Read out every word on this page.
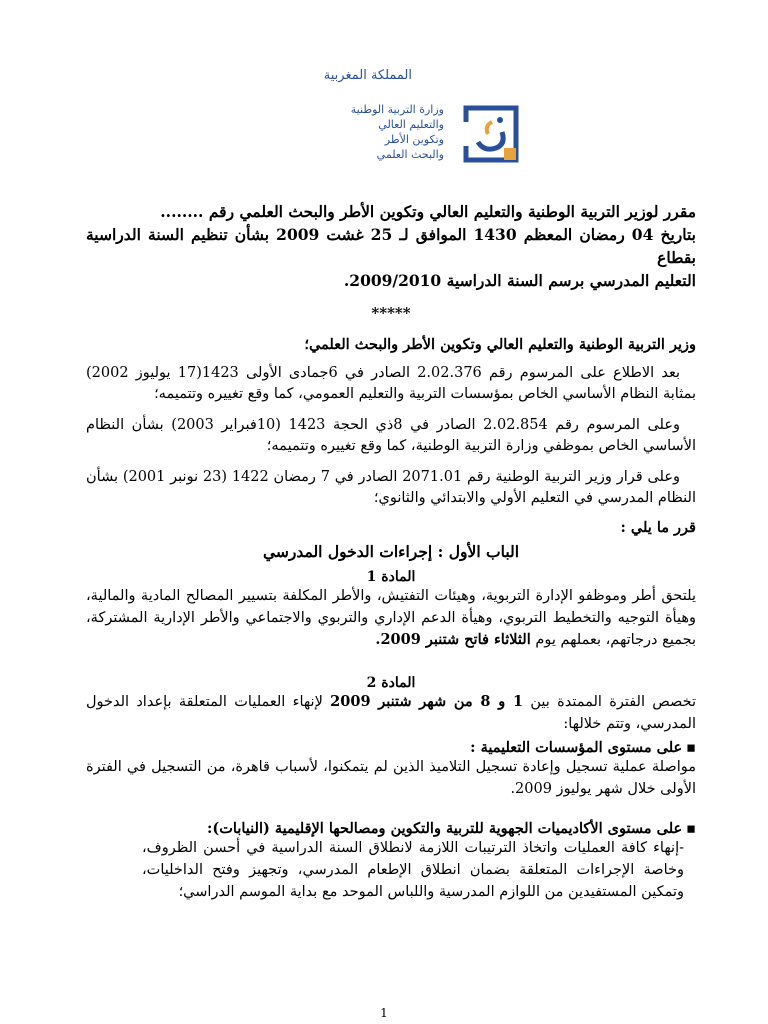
المملكة المغربية
وزارة التربية الوطنية
والتعليم العالي
وتكوين الأطر
والبحث العلمي
مقرر لوزير التربية الوطنية والتعليم العالي وتكوين الأطر والبحث العلمي رقم ........
بتاريخ 04 رمضان المعظم 1430 الموافق لـ 25 غشت 2009 بشأن تنظيم السنة الدراسية بقطاع
التعليم المدرسي برسم السنة الدراسية 2009/2010.
*****
وزير التربية الوطنية والتعليم العالي وتكوين الأطر والبحث العلمي؛
بعد الاطلاع على المرسوم رقم 2.02.376 الصادر في 6جمادى الأولى 1423(17 يوليوز 2002) بمثابة النظام الأساسي الخاص بمؤسسات التربية والتعليم العمومي، كما وقع تغييره وتتميمه؛
وعلى المرسوم رقم 2.02.854 الصادر في 8ذي الحجة 1423 (10فبراير 2003) بشأن النظام الأساسي الخاص بموظفي وزارة التربية الوطنية، كما وقع تغييره وتتميمه؛
وعلى قرار وزير التربية الوطنية رقم 2071.01 الصادر في 7 رمضان 1422 (23 نونبر 2001) بشأن النظام المدرسي في التعليم الأولي والابتدائي والثانوي؛
قرر ما يلي :
الباب الأول : إجراءات الدخول المدرسي
المادة 1
يلتحق أطر وموظفو الإدارة التربوية، وهيئات التفتيش، والأطر المكلفة بتسيير المصالح المادية والمالية، وهيأة التوجيه والتخطيط التربوي، وهيأة الدعم الإداري والتربوي والاجتماعي والأطر الإدارية المشتركة، بجميع درجاتهم، بعملهم يوم الثلاثاء فاتح شتنبر 2009.
المادة 2
تخصص الفترة الممتدة بين 1 و 8 من شهر شتنبر 2009 لإنهاء العمليات المتعلقة بإعداد الدخول المدرسي، وتتم خلالها:
▪على مستوى المؤسسات التعليمية :
مواصلة عملية تسجيل وإعادة تسجيل التلاميذ الذين لم يتمكنوا، لأسباب قاهرة، من التسجيل في الفترة الأولى خلال شهر يوليوز 2009.
▪على مستوى الأكاديميات الجهوية للتربية والتكوين ومصالحها الإقليمية (النيابات):
-إنهاء كافة العمليات واتخاذ الترتيبات اللازمة لانطلاق السنة الدراسية في أحسن الظروف، وخاصة الإجراءات المتعلقة بضمان انطلاق الإطعام المدرسي، وتجهيز وفتح الداخليات، وتمكين المستفيدين من اللوازم المدرسية واللباس الموحد مع بداية الموسم الدراسي؛
1
